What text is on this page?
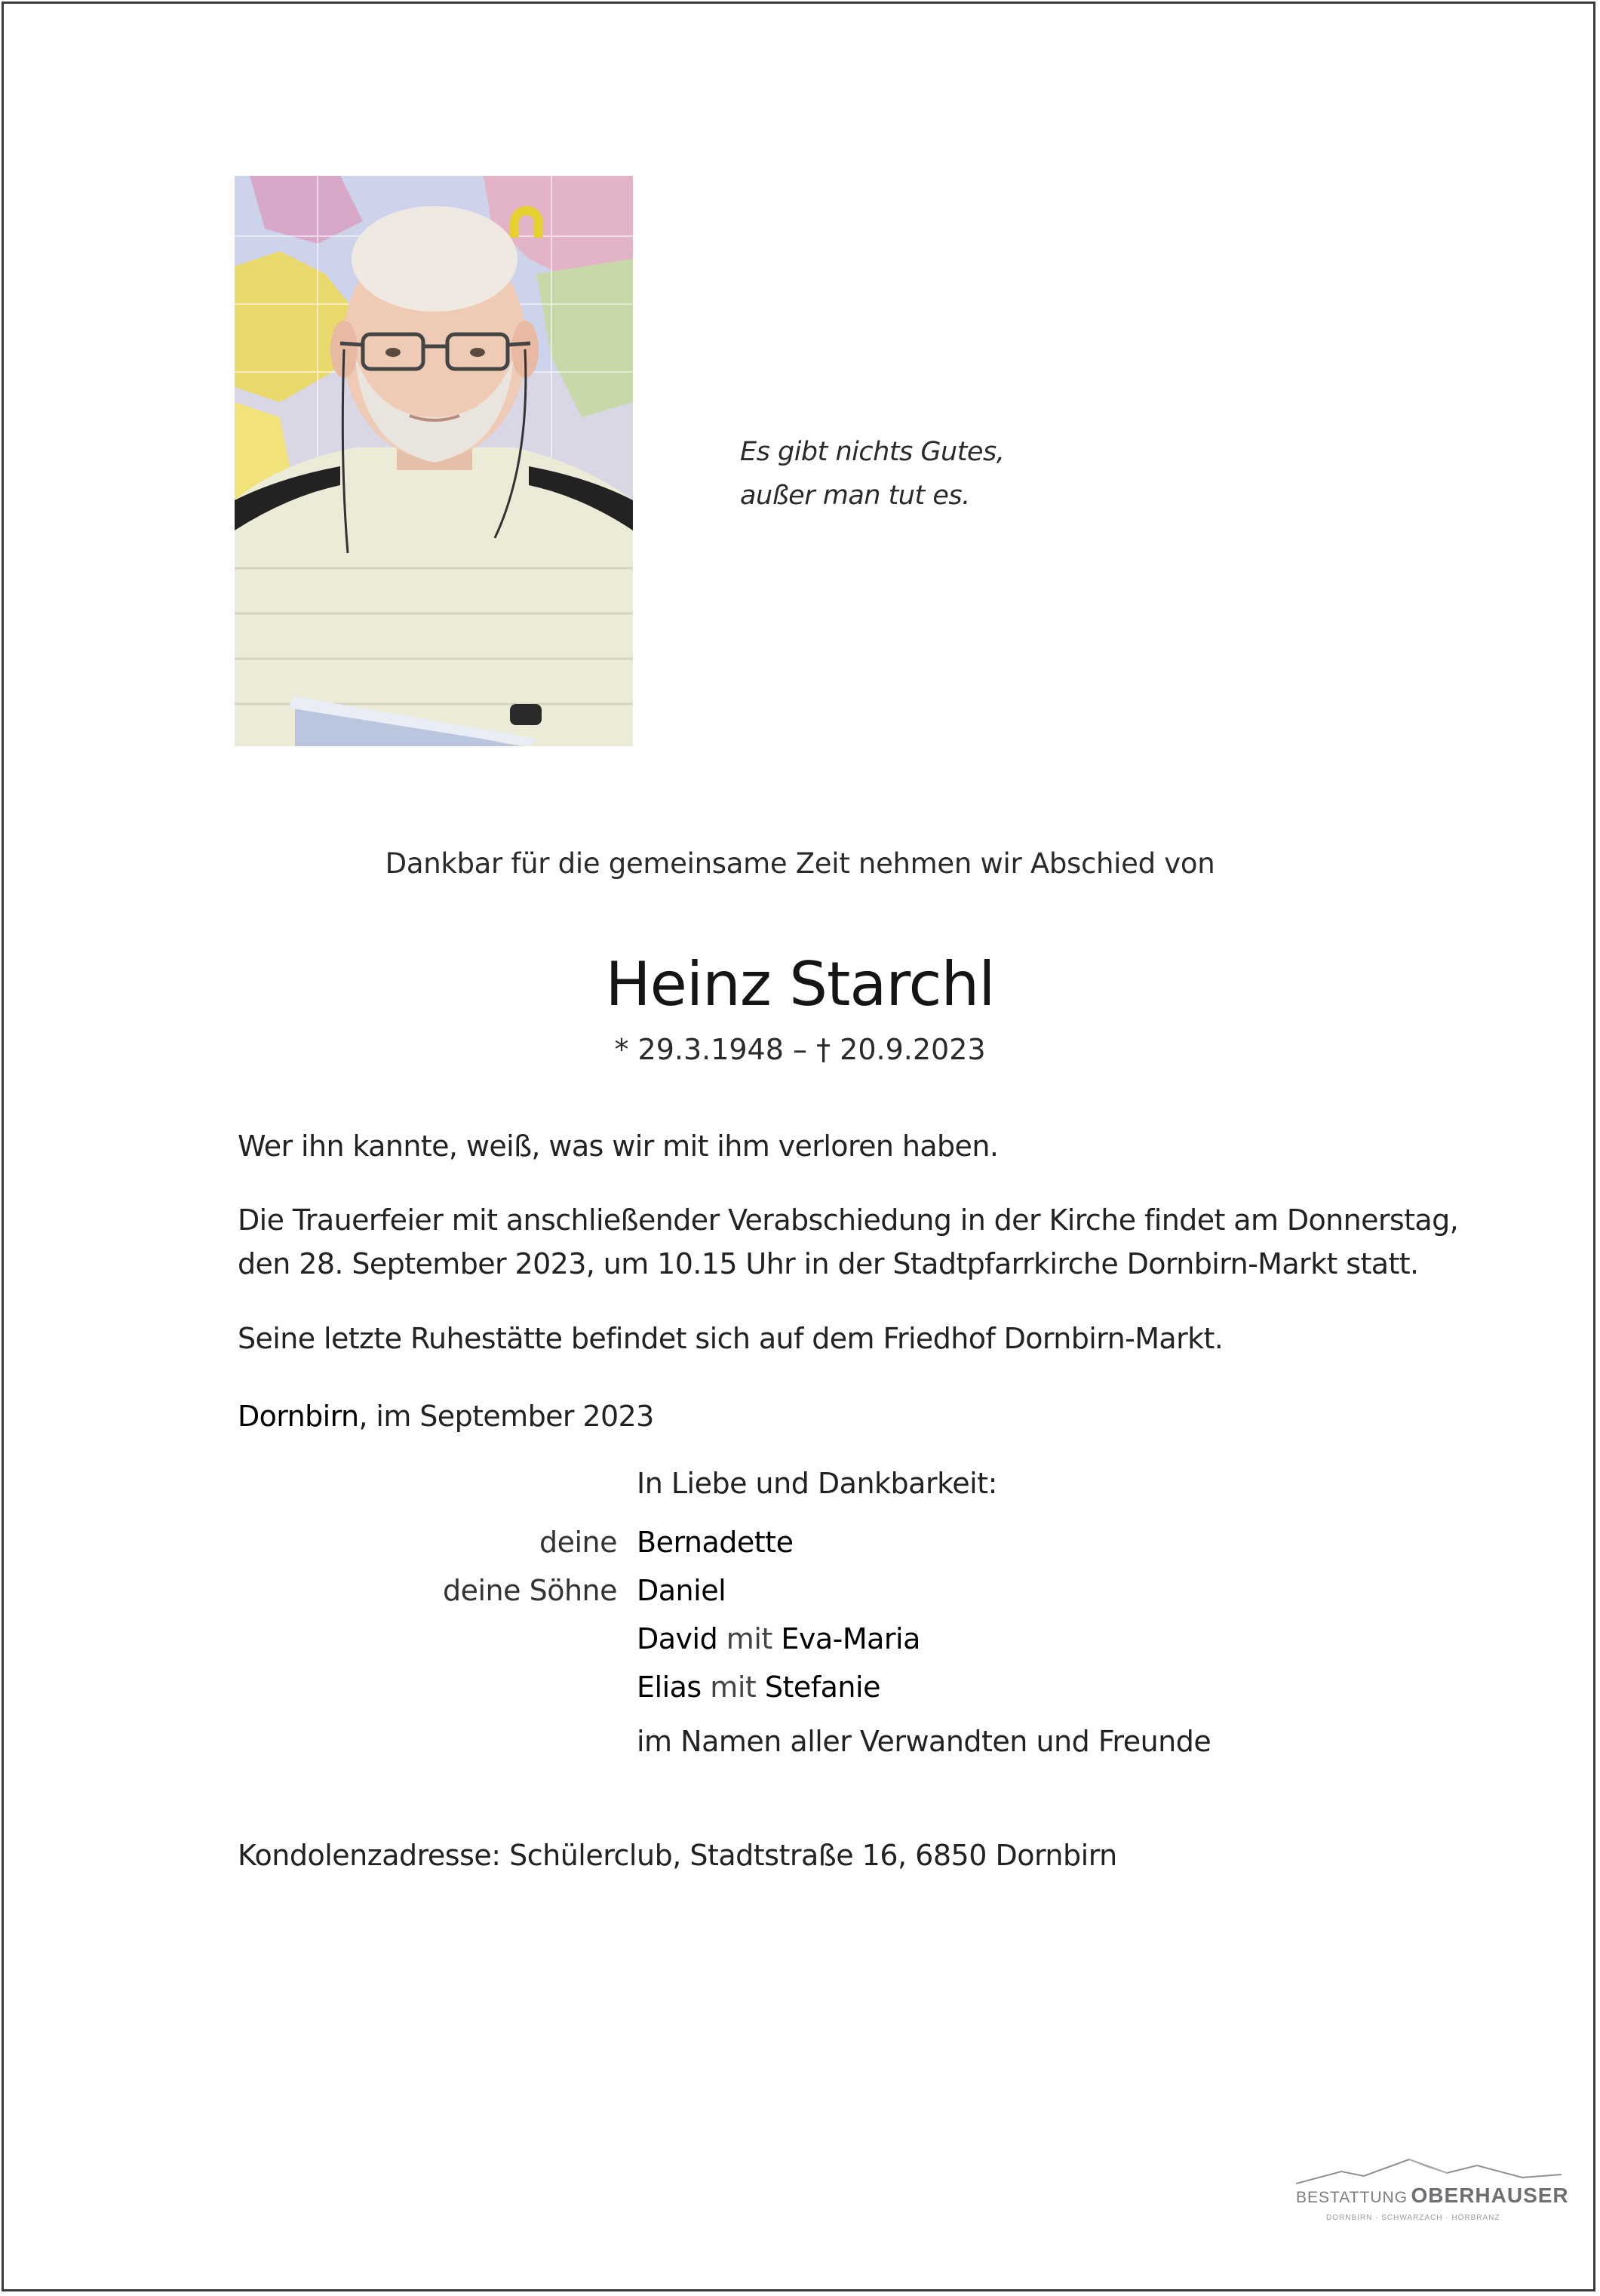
Es gibt nichts Gutes,
außer man tut es.
Dankbar für die gemeinsame Zeit nehmen wir Abschied von
Heinz Starchl
* 29.3.1948 – † 20.9.2023
Wer ihn kannte, weiß, was wir mit ihm verloren haben.
Die Trauerfeier mit anschließender Verabschiedung in der Kirche findet am Donnerstag,
den 28. September 2023, um 10.15 Uhr in der Stadtpfarrkirche Dornbirn-Markt statt.
Seine letzte Ruhestätte befindet sich auf dem Friedhof Dornbirn-Markt.
Dornbirn, im September 2023
In Liebe und Dankbarkeit:
deine Bernadette
deine Söhne Daniel
David mit Eva-Maria
Elias mit Stefanie
im Namen aller Verwandten und Freunde
Kondolenzadresse: Schülerclub, Stadtstraße 16, 6850 Dornbirn
BESTATTUNG OBERHAUSER
DORNBIRN · SCHWARZACH · HÖRBRANZ
